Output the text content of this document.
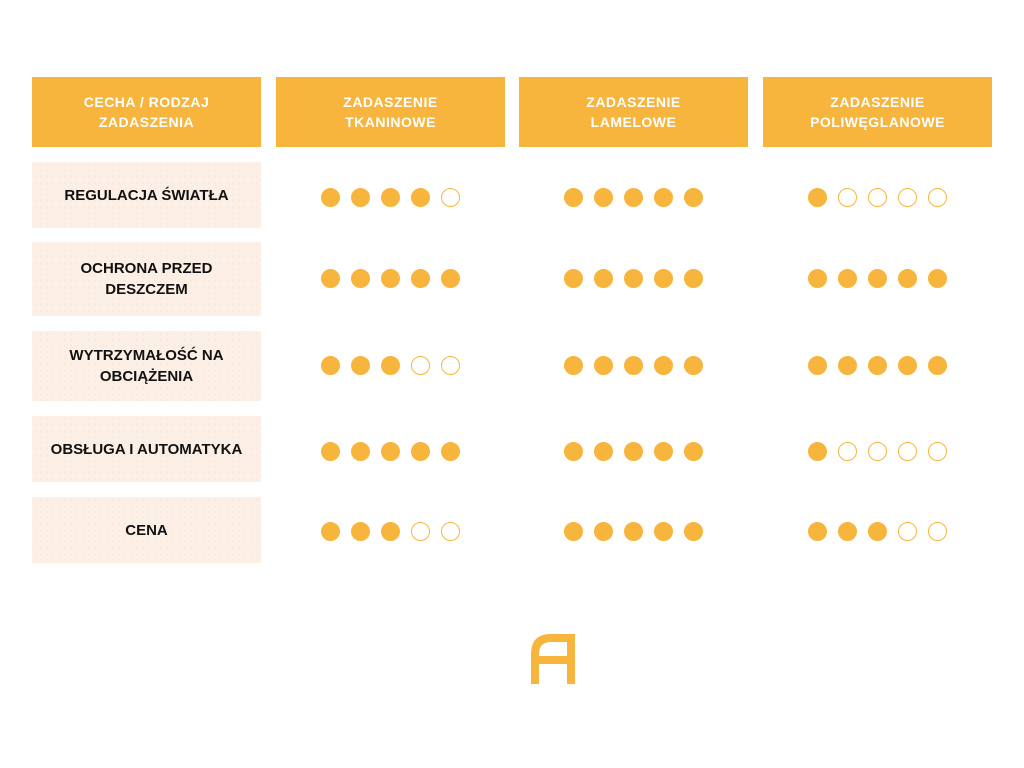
CECHA / RODZAJ
ZADASZENIA
ZADASZENIE
TKANINOWE
ZADASZENIE
LAMELOWE
ZADASZENIE
POLIWĘGLANOWE
REGULACJA ŚWIATŁA
OCHRONA PRZED
DESZCZEM
WYTRZYMAŁOŚĆ NA
OBCIĄŻENIA
OBSŁUGA I AUTOMATYKA
CENA
